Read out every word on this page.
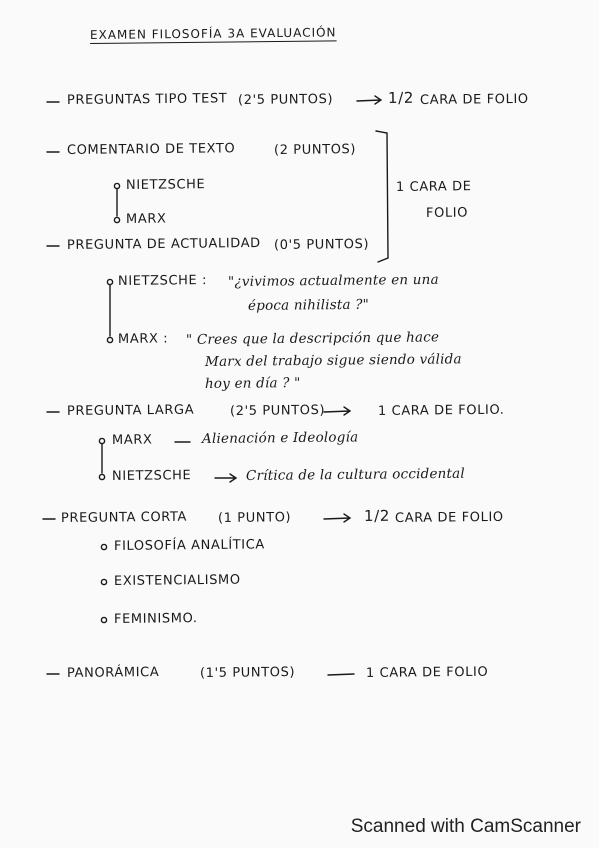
EXAMEN FILOSOFÍA 3A EVALUACIÓN
PREGUNTAS TIPO TEST (2'5 PUNTOS)	1/2 CARA DE FOLIO
COMENTARIO DE TEXTO	(2 PUNTOS)
NIETZSCHE
MARX
1 CARA DE
FOLIO
PREGUNTA DE ACTUALIDAD (0'5 PUNTOS)
NIETZSCHE : "¿vivimos actualmente en una
época nihilista ?"
MARX : " Crees que la descripción que hace
Marx del trabajo sigue siendo válida
hoy en día ? "
PREGUNTA LARGA	(2'5 PUNTOS)	1 CARA DE FOLIO.
MARX	Alienación e Ideología
NIETZSCHE	Crítica de la cultura occidental
PREGUNTA CORTA (1 PUNTO)	1/2 CARA DE FOLIO
FILOSOFÍA ANALÍTICA
EXISTENCIALISMO
FEMINISMO.
PANORÁMICA	(1'5 PUNTOS)	1 CARA DE FOLIO
Scanned with CamScanner
